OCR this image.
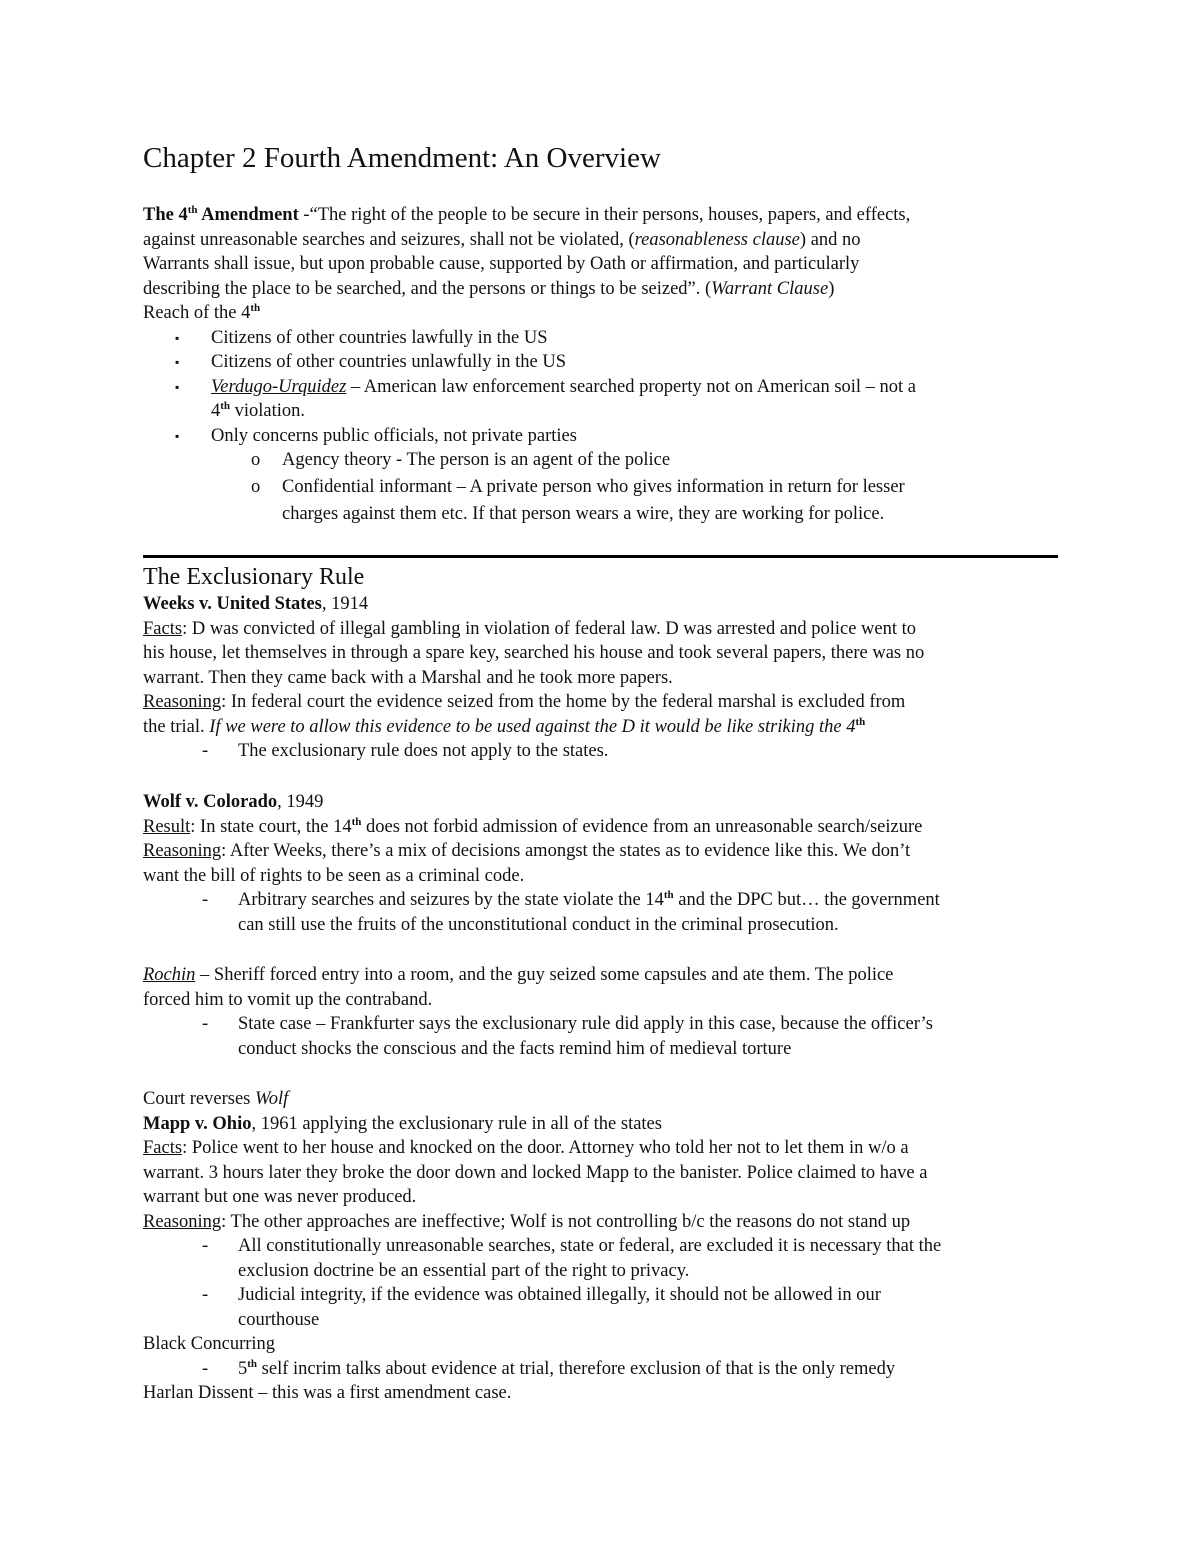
Chapter 2 Fourth Amendment: An Overview
The 4th Amendment -“The right of the people to be secure in their persons, houses, papers, and effects,
against unreasonable searches and seizures, shall not be violated, (reasonableness clause) and no
Warrants shall issue, but upon probable cause, supported by Oath or affirmation, and particularly
describing the place to be searched, and the persons or things to be seized”. (Warrant Clause)
Reach of the 4th
▪ Citizens of other countries lawfully in the US
▪ Citizens of other countries unlawfully in the US
▪ Verdugo-Urquidez – American law enforcement searched property not on American soil – not a
4th violation.
▪ Only concerns public officials, not private parties
o Agency theory - The person is an agent of the police
o Confidential informant – A private person who gives information in return for lesser
charges against them etc. If that person wears a wire, they are working for police.
The Exclusionary Rule
Weeks v. United States, 1914
Facts: D was convicted of illegal gambling in violation of federal law. D was arrested and police went to
his house, let themselves in through a spare key, searched his house and took several papers, there was no
warrant. Then they came back with a Marshal and he took more papers.
Reasoning: In federal court the evidence seized from the home by the federal marshal is excluded from
the trial. If we were to allow this evidence to be used against the D it would be like striking the 4th
- The exclusionary rule does not apply to the states.
Wolf v. Colorado, 1949
Result: In state court, the 14th does not forbid admission of evidence from an unreasonable search/seizure
Reasoning: After Weeks, there’s a mix of decisions amongst the states as to evidence like this. We don’t
want the bill of rights to be seen as a criminal code.
- Arbitrary searches and seizures by the state violate the 14th and the DPC but… the government
can still use the fruits of the unconstitutional conduct in the criminal prosecution.
Rochin – Sheriff forced entry into a room, and the guy seized some capsules and ate them. The police
forced him to vomit up the contraband.
- State case – Frankfurter says the exclusionary rule did apply in this case, because the officer’s
conduct shocks the conscious and the facts remind him of medieval torture
Court reverses Wolf
Mapp v. Ohio, 1961 applying the exclusionary rule in all of the states
Facts: Police went to her house and knocked on the door. Attorney who told her not to let them in w/o a
warrant. 3 hours later they broke the door down and locked Mapp to the banister. Police claimed to have a
warrant but one was never produced.
Reasoning: The other approaches are ineffective; Wolf is not controlling b/c the reasons do not stand up
- All constitutionally unreasonable searches, state or federal, are excluded it is necessary that the
exclusion doctrine be an essential part of the right to privacy.
- Judicial integrity, if the evidence was obtained illegally, it should not be allowed in our
courthouse
Black Concurring
- 5th self incrim talks about evidence at trial, therefore exclusion of that is the only remedy
Harlan Dissent – this was a first amendment case.
